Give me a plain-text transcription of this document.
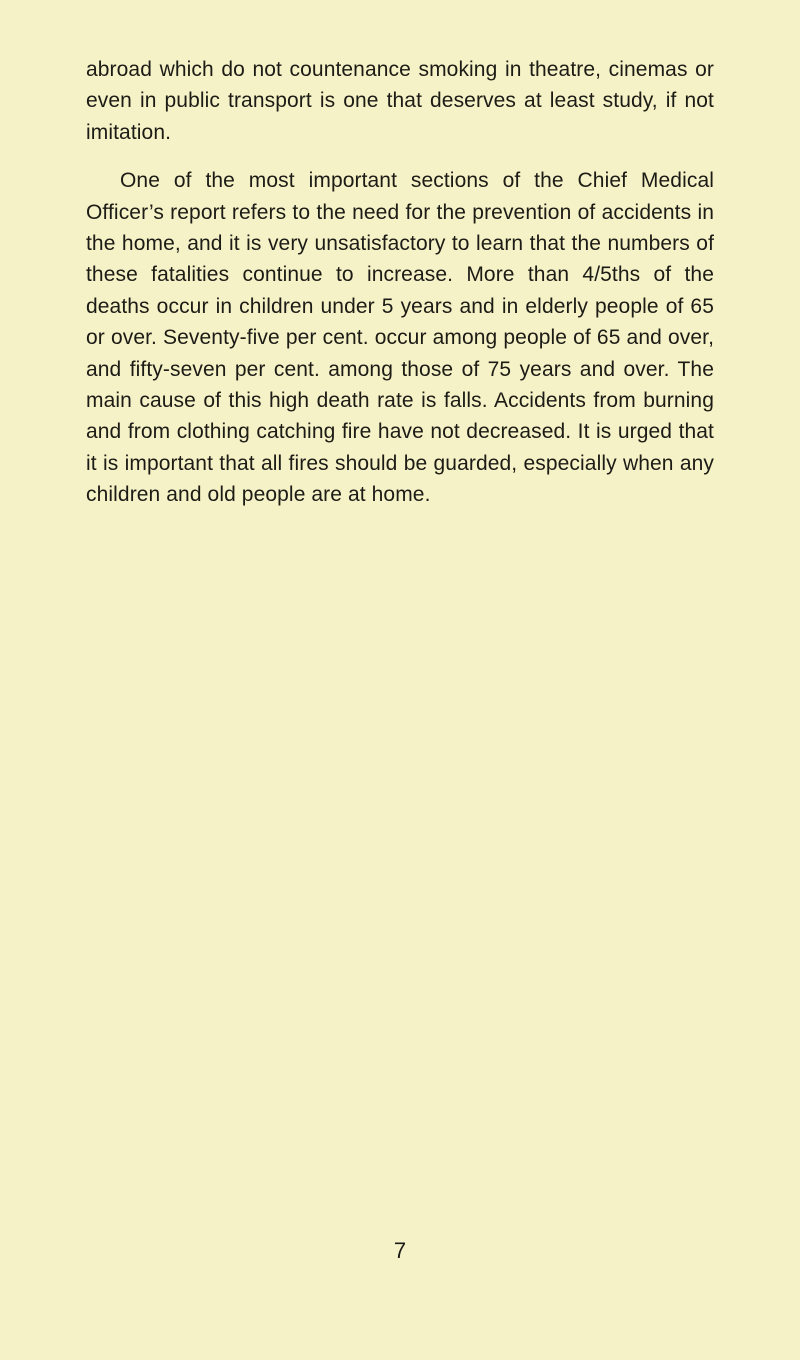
abroad which do not countenance smoking in theatre, cinemas or even in public transport is one that deserves at least study, if not imitation.

One of the most important sections of the Chief Medical Officer’s report refers to the need for the prevention of accidents in the home, and it is very unsatisfactory to learn that the numbers of these fatalities continue to increase. More than 4/5ths of the deaths occur in children under 5 years and in elderly people of 65 or over. Seventy-five per cent. occur among people of 65 and over, and fifty-seven per cent. among those of 75 years and over. The main cause of this high death rate is falls. Accidents from burning and from clothing catching fire have not decreased. It is urged that it is important that all fires should be guarded, especially when any children and old people are at home.

7
